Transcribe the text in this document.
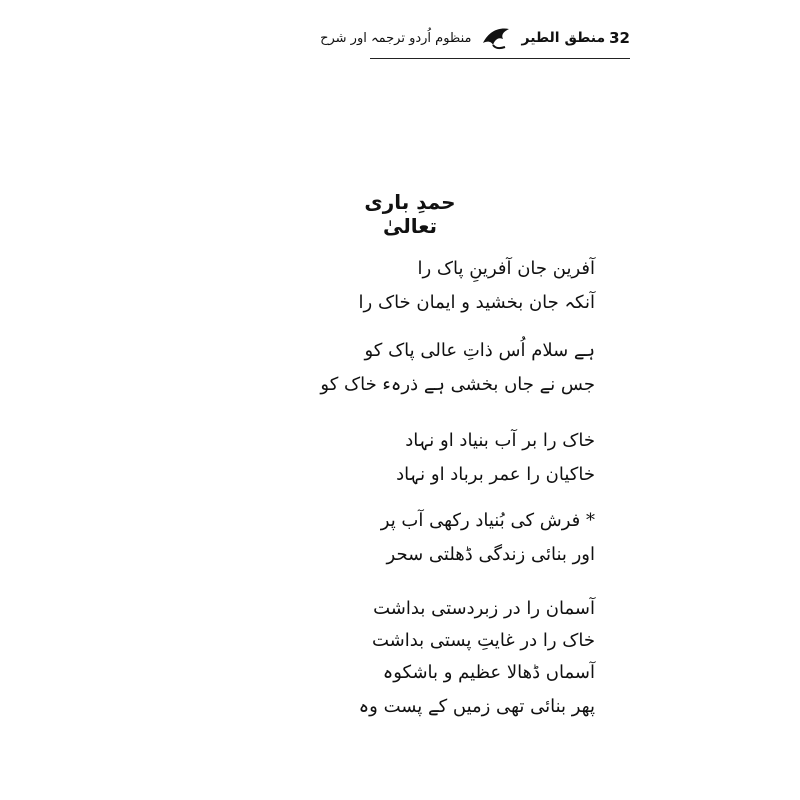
32
منطق الطیر
منظوم اُردو ترجمہ اور شرح
حمدِ باری تعالیٰ
آفرین جان آفرینِ پاک را
آنکہ جان بخشید و ایمان خاک را
ہے سلام اُس ذاتِ عالی پاک کو
جس نے جاں بخشی ہے ذرہء خاک کو
خاک را بر آب بنیاد او نہاد
خاکیان را عمر برباد او نہاد
* فرش کی بُنیاد رکھی آب پر
اور بنائی زندگی ڈھلتی سحر
آسمان را در زبردستی بداشت
خاک را در غایتِ پستی بداشت
آسماں ڈھالا عظیم و باشکوہ
پھر بنائی تھی زمیں کے پست وہ
